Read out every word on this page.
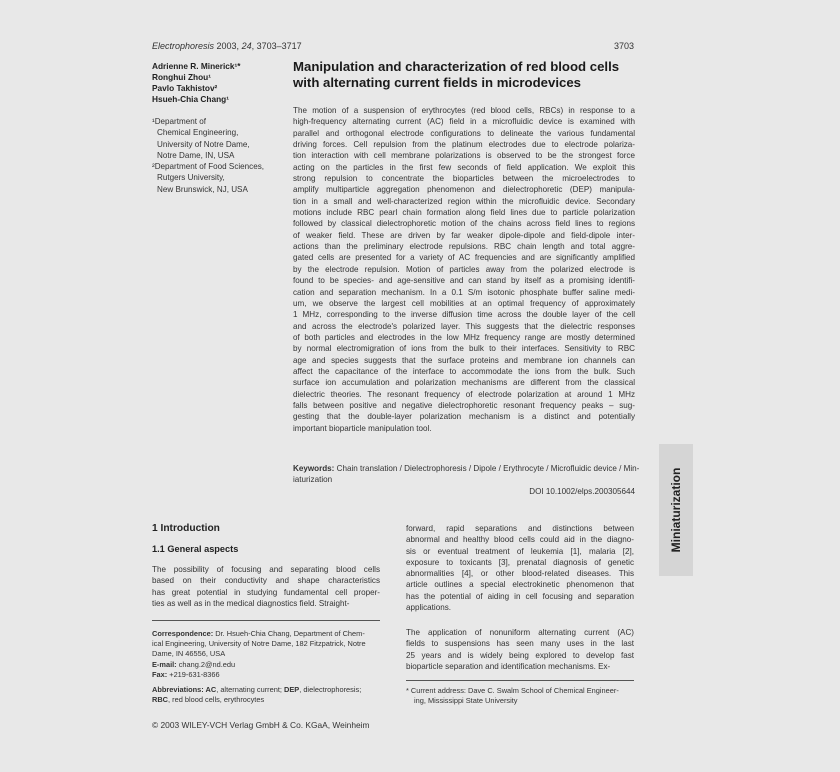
Electrophoresis 2003, 24, 3703–3717	3703
Adrienne R. Minerick¹*
Ronghui Zhou¹
Pavlo Takhistov²
Hsueh-Chia Chang¹
¹Department of
Chemical Engineering,
University of Notre Dame,
Notre Dame, IN, USA
²Department of Food Sciences,
Rutgers University,
New Brunswick, NJ, USA
Manipulation and characterization of red blood cells
with alternating current fields in microdevices
The motion of a suspension of erythrocytes (red blood cells, RBCs) in response to a
high-frequency alternating current (AC) field in a microfluidic device is examined with
parallel and orthogonal electrode configurations to delineate the various fundamental
driving forces. Cell repulsion from the platinum electrodes due to electrode polariza-
tion interaction with cell membrane polarizations is observed to be the strongest force
acting on the particles in the first few seconds of field application. We exploit this
strong repulsion to concentrate the bioparticles between the microelectrodes to
amplify multiparticle aggregation phenomenon and dielectrophoretic (DEP) manipula-
tion in a small and well-characterized region within the microfluidic device. Secondary
motions include RBC pearl chain formation along field lines due to particle polarization
followed by classical dielectrophoretic motion of the chains across field lines to regions
of weaker field. These are driven by far weaker dipole-dipole and field-dipole inter-
actions than the preliminary electrode repulsions. RBC chain length and total aggre-
gated cells are presented for a variety of AC frequencies and are significantly amplified
by the electrode repulsion. Motion of particles away from the polarized electrode is
found to be species- and age-sensitive and can stand by itself as a promising identifi-
cation and separation mechanism. In a 0.1 S/m isotonic phosphate buffer saline medi-
um, we observe the largest cell mobilities at an optimal frequency of approximately
1 MHz, corresponding to the inverse diffusion time across the double layer of the cell
and across the electrode's polarized layer. This suggests that the dielectric responses
of both particles and electrodes in the low MHz frequency range are mostly determined
by normal electromigration of ions from the bulk to their interfaces. Sensitivity to RBC
age and species suggests that the surface proteins and membrane ion channels can
affect the capacitance of the interface to accommodate the ions from the bulk. Such
surface ion accumulation and polarization mechanisms are different from the classical
dielectric theories. The resonant frequency of electrode polarization at around 1 MHz
falls between positive and negative dielectrophoretic resonant frequency peaks – sug-
gesting that the double-layer polarization mechanism is a distinct and potentially
important bioparticle manipulation tool.
Keywords: Chain translation / Dielectrophoresis / Dipole / Erythrocyte / Microfluidic device / Min-
iaturization
DOI 10.1002/elps.200305644	Miniaturization
1 Introduction
1.1 General aspects
The possibility of focusing and separating blood cells
based on their conductivity and shape characteristics
has great potential in studying fundamental cell proper-
ties as well as in the medical diagnostics field. Straight-
forward, rapid separations and distinctions between
abnormal and healthy blood cells could aid in the diagno-
sis or eventual treatment of leukemia [1], malaria [2],
exposure to toxicants [3], prenatal diagnosis of genetic
abnormalities [4], or other blood-related diseases. This
article outlines a special electrokinetic phenomenon that
has the potential of aiding in cell focusing and separation
applications.
The application of nonuniform alternating current (AC)
fields to suspensions has seen many uses in the last
25 years and is widely being explored to develop fast
bioparticle separation and identification mechanisms. Ex-
Correspondence: Dr. Hsueh-Chia Chang, Department of Chem-
ical Engineering, University of Notre Dame, 182 Fitzpatrick, Notre
Dame, IN 46556, USA
E-mail: chang.2@nd.edu
Fax: +219-631-8366
Abbreviations: AC, alternating current; DEP, dielectrophoresis;
RBC, red blood cells, erythrocytes
* Current address: Dave C. Swalm School of Chemical Engineer-
ing, Mississippi State University
© 2003 WILEY-VCH Verlag GmbH & Co. KGaA, Weinheim
